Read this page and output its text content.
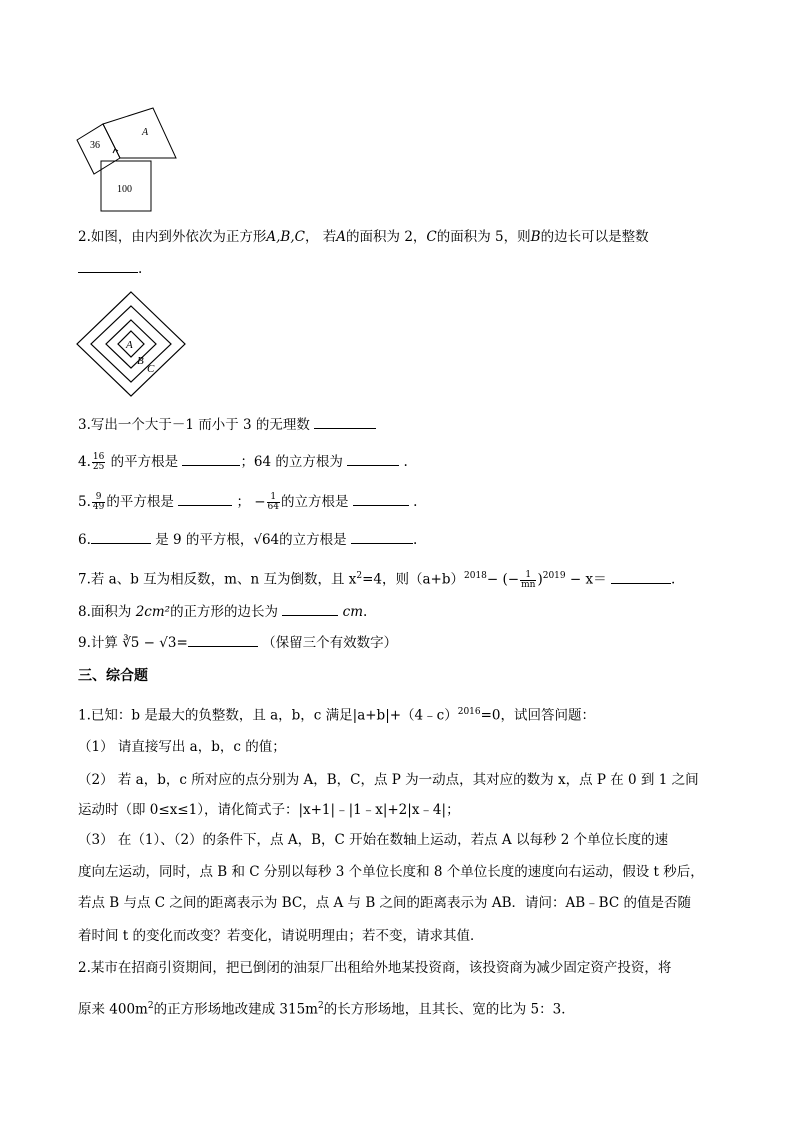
36
A
100
2.如图，由内到外依次为正方形A,B,C， 若A的面积为 2，C的面积为 5，则B的边长可以是整数
.
A
B
C
3.写出一个大于－1 而小于 3 的无理数
4. $\frac{16}{25}$ 的平方根是	；64 的立方根为	.
5. $\frac{9}{49}$ 的平方根是	； − $\frac{1}{64}$ 的立方根是	.
6.	是 9 的平方根，√64的立方根是	.
7.若 a、b 互为相反数，m、n 互为倒数，且 $x^2=4$，则$(a+b)^{2018}-$ (− $\frac{1}{mn} )^{2019} - x=$	.
8.面积为 2cm²的正方形的边长为	cm.
9.计算 ∛5 − √3=	（保留三个有效数字）
三、综合题
1.已知：b 是最大的负整数，且 a，b，c 满足|a+b|+（4﹣c）$^{2016}$=0，试回答问题：
（1） 请直接写出 a，b，c 的值；
（2） 若 a，b，c 所对应的点分别为 A，B，C，点 P 为一动点，其对应的数为 x，点 P 在 0 到 1 之间
运动时（即 0≤x≤1），请化简式子：|x+1|﹣|1﹣x|+2|x﹣4|；
（3） 在（1）、（2）的条件下，点 A，B，C 开始在数轴上运动，若点 A 以每秒 2 个单位长度的速
度向左运动，同时，点 B 和 C 分别以每秒 3 个单位长度和 8 个单位长度的速度向右运动，假设 t 秒后，
若点 B 与点 C 之间的距离表示为 BC，点 A 与 B 之间的距离表示为 AB．请问：AB﹣BC 的值是否随
着时间 t 的变化而改变？若变化，请说明理由；若不变，请求其值．
2.某市在招商引资期间，把已倒闭的油泵厂出租给外地某投资商，该投资商为减少固定资产投资，将
原来 $400m^2$的正方形场地改建成 $315m^2$的长方形场地，且其长、宽的比为 5：3．
